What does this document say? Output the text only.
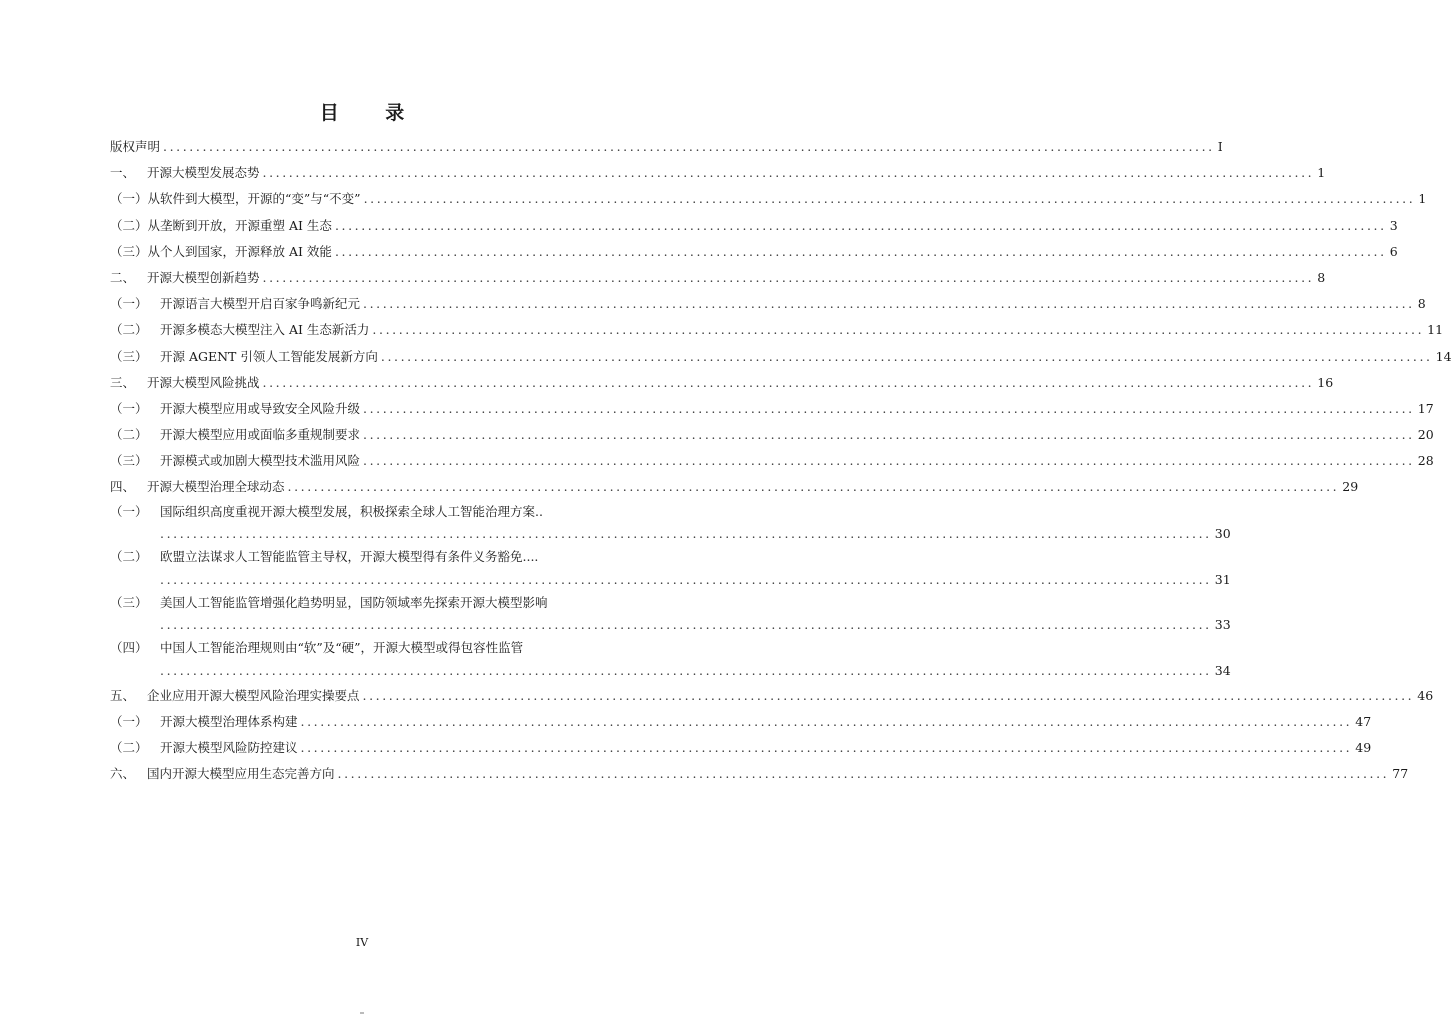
目 录
版权声明 ................................................................................................................................................................ I
一、 开源大模型发展态势 ................................................................................................................................................................ 1
（一） 从软件到大模型，开源的“变”与“不变” ................................................................................................................................................................ 1
（二） 从垄断到开放，开源重塑 AI 生态 ................................................................................................................................................................ 3
（三） 从个人到国家，开源释放 AI 效能 ................................................................................................................................................................ 6
二、 开源大模型创新趋势 ................................................................................................................................................................ 8
（一） 开源语言大模型开启百家争鸣新纪元 ................................................................................................................................................................ 8
（二） 开源多模态大模型注入 AI 生态新活力 ................................................................................................................................................................ 11
（三） 开源 AGENT 引领人工智能发展新方向 ................................................................................................................................................................ 14
三、 开源大模型风险挑战 ................................................................................................................................................................ 16
（一） 开源大模型应用或导致安全风险升级 ................................................................................................................................................................ 17
（二） 开源大模型应用或面临多重规制要求 ................................................................................................................................................................ 20
（三） 开源模式或加剧大模型技术滥用风险 ................................................................................................................................................................ 28
四、 开源大模型治理全球动态 ................................................................................................................................................................ 29
（一） 国际组织高度重视开源大模型发展，积极探索全球人工智能治理方案..
................................................................................................................................................................ 30
（二） 欧盟立法谋求人工智能监管主导权，开源大模型得有条件义务豁免....
................................................................................................................................................................ 31
（三） 美国人工智能监管增强化趋势明显，国防领域率先探索开源大模型影响
................................................................................................................................................................ 33
（四） 中国人工智能治理规则由“软”及“硬”，开源大模型或得包容性监管
................................................................................................................................................................ 34
五、 企业应用开源大模型风险治理实操要点 ................................................................................................................................................................ 46
（一） 开源大模型治理体系构建 ................................................................................................................................................................ 47
（二） 开源大模型风险防控建议 ................................................................................................................................................................ 49
六、 国内开源大模型应用生态完善方向 ................................................................................................................................................................ 77
IV
